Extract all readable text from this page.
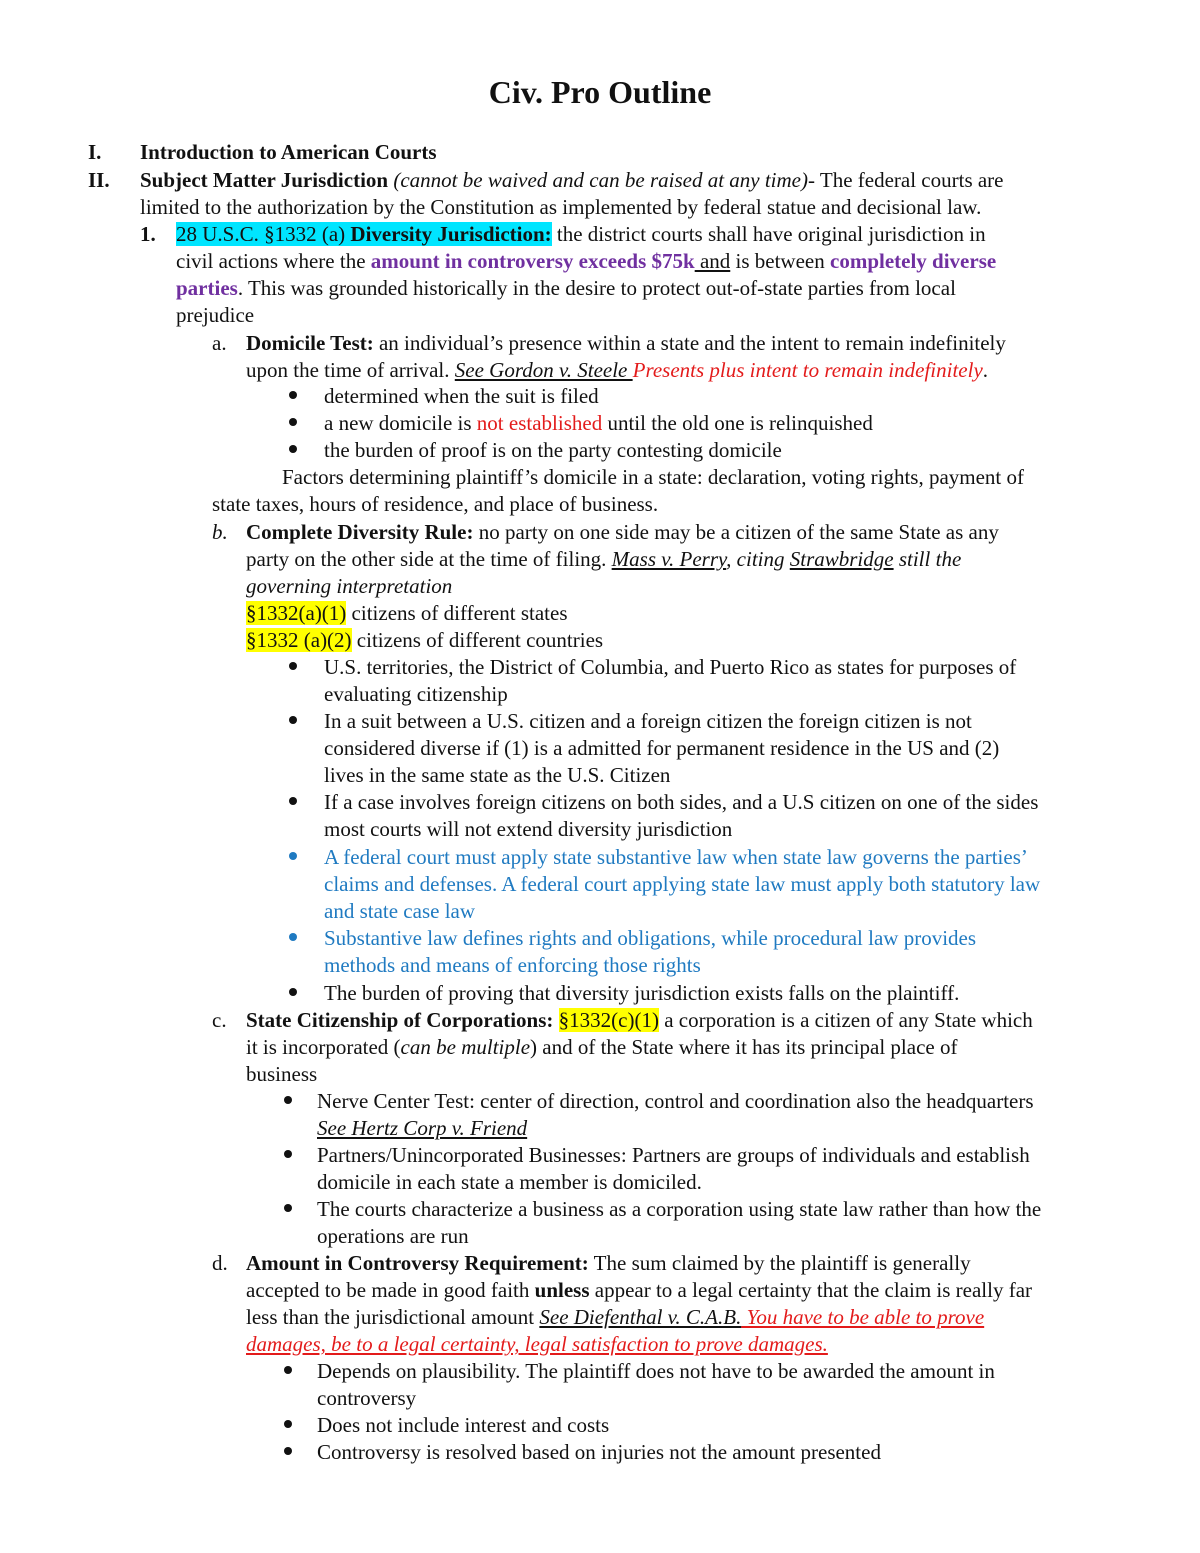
Civ. Pro Outline
I. Introduction to American Courts
II. Subject Matter Jurisdiction (cannot be waived and can be raised at any time)- The federal courts are
limited to the authorization by the Constitution as implemented by federal statue and decisional law.
1. 28 U.S.C. §1332 (a) Diversity Jurisdiction: the district courts shall have original jurisdiction in
civil actions where the amount in controversy exceeds $75k and is between completely diverse
parties. This was grounded historically in the desire to protect out-of-state parties from local
prejudice
a. Domicile Test: an individual’s presence within a state and the intent to remain indefinitely
upon the time of arrival. See Gordon v. Steele Presents plus intent to remain indefinitely.
determined when the suit is filed
a new domicile is not established until the old one is relinquished
the burden of proof is on the party contesting domicile
Factors determining plaintiff’s domicile in a state: declaration, voting rights, payment of
state taxes, hours of residence, and place of business.
b. Complete Diversity Rule: no party on one side may be a citizen of the same State as any
party on the other side at the time of filing. Mass v. Perry, citing Strawbridge still the
governing interpretation
§1332(a)(1) citizens of different states
§1332 (a)(2) citizens of different countries
U.S. territories, the District of Columbia, and Puerto Rico as states for purposes of
evaluating citizenship
In a suit between a U.S. citizen and a foreign citizen the foreign citizen is not
considered diverse if (1) is a admitted for permanent residence in the US and (2)
lives in the same state as the U.S. Citizen
If a case involves foreign citizens on both sides, and a U.S citizen on one of the sides
most courts will not extend diversity jurisdiction
A federal court must apply state substantive law when state law governs the parties’
claims and defenses. A federal court applying state law must apply both statutory law
and state case law
Substantive law defines rights and obligations, while procedural law provides
methods and means of enforcing those rights
The burden of proving that diversity jurisdiction exists falls on the plaintiff.
c. State Citizenship of Corporations: §1332(c)(1) a corporation is a citizen of any State which
it is incorporated (can be multiple) and of the State where it has its principal place of
business
Nerve Center Test: center of direction, control and coordination also the headquarters
See Hertz Corp v. Friend
Partners/Unincorporated Businesses: Partners are groups of individuals and establish
domicile in each state a member is domiciled.
The courts characterize a business as a corporation using state law rather than how the
operations are run
d. Amount in Controversy Requirement: The sum claimed by the plaintiff is generally
accepted to be made in good faith unless appear to a legal certainty that the claim is really far
less than the jurisdictional amount See Diefenthal v. C.A.B. You have to be able to prove
damages, be to a legal certainty, legal satisfaction to prove damages.
Depends on plausibility. The plaintiff does not have to be awarded the amount in
controversy
Does not include interest and costs
Controversy is resolved based on injuries not the amount presented
